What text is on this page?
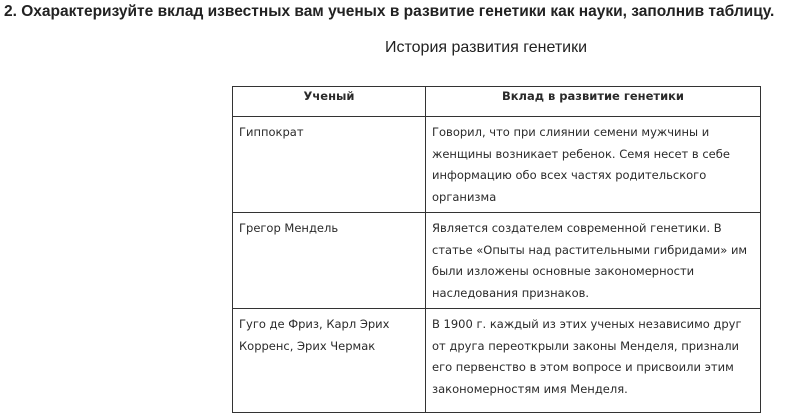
2. Охарактеризуйте вклад известных вам ученых в развитие генетики как науки, заполнив таблицу.
История развития генетики
Ученый	Вклад в развитие генетики
Гиппократ	Говорил, что при слиянии семени мужчины и женщины возникает ребенок. Семя несет в себе информацию обо всех частях родительского организма
Грегор Мендель	Является создателем современной генетики. В статье «Опыты над растительными гибридами» им были изложены основные закономерности наследования признаков.
Гуго де Фриз, Карл Эрих Корренс, Эрих Чермак	В 1900 г. каждый из этих ученых независимо друг от друга переоткрыли законы Менделя, признали его первенство в этом вопросе и присвоили этим закономерностям имя Менделя.
